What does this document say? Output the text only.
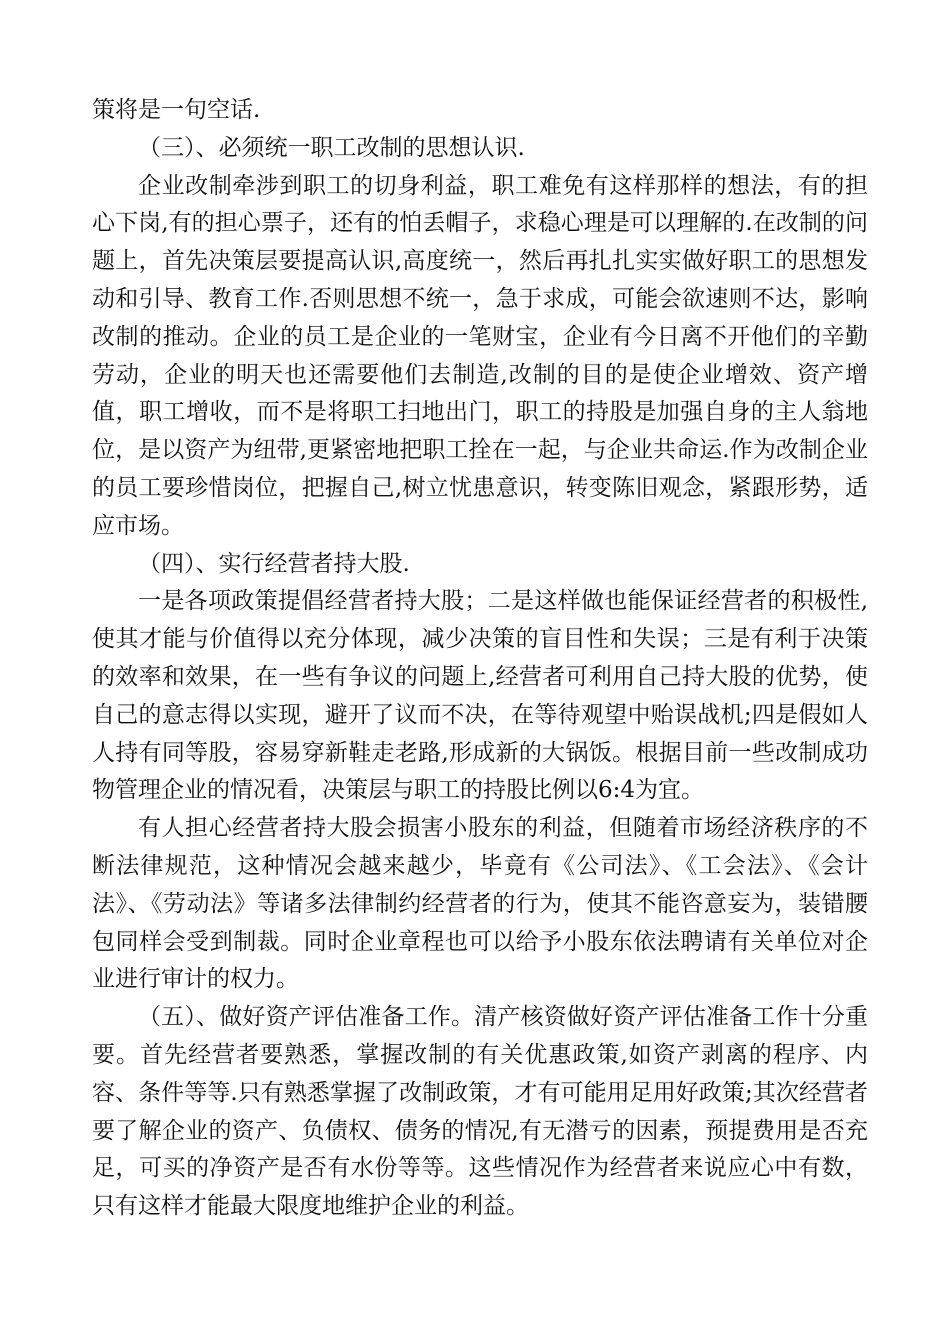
策将是一句空话.

（三）、必须统一职工改制的思想认识.

企业改制牵涉到职工的切身利益，职工难免有这样那样的想法，有的担心下岗,有的担心票子，还有的怕丢帽子，求稳心理是可以理解的.在改制的问题上，首先决策层要提高认识,高度统一，然后再扎扎实实做好职工的思想发动和引导、教育工作.否则思想不统一，急于求成，可能会欲速则不达，影响改制的推动。企业的员工是企业的一笔财宝，企业有今日离不开他们的辛勤劳动，企业的明天也还需要他们去制造,改制的目的是使企业增效、资产增值，职工增收，而不是将职工扫地出门，职工的持股是加强自身的主人翁地位，是以资产为纽带,更紧密地把职工拴在一起，与企业共命运.作为改制企业的员工要珍惜岗位，把握自己,树立忧患意识，转变陈旧观念，紧跟形势，适应市场。

（四）、实行经营者持大股.

一是各项政策提倡经营者持大股；二是这样做也能保证经营者的积极性,使其才能与价值得以充分体现，减少决策的盲目性和失误；三是有利于决策的效率和效果，在一些有争议的问题上,经营者可利用自己持大股的优势，使自己的意志得以实现，避开了议而不决，在等待观望中贻误战机;四是假如人人持有同等股，容易穿新鞋走老路,形成新的大锅饭。根据目前一些改制成功物管理企业的情况看，决策层与职工的持股比例以6:4为宜。

有人担心经营者持大股会损害小股东的利益，但随着市场经济秩序的不断法律规范，这种情况会越来越少，毕竟有《公司法》、《工会法》、《会计法》、《劳动法》等诸多法律制约经营者的行为，使其不能咨意妄为，装错腰包同样会受到制裁。同时企业章程也可以给予小股东依法聘请有关单位对企业进行审计的权力。

（五）、做好资产评估准备工作。清产核资做好资产评估准备工作十分重要。首先经营者要熟悉，掌握改制的有关优惠政策,如资产剥离的程序、内容、条件等等.只有熟悉掌握了改制政策，才有可能用足用好政策;其次经营者要了解企业的资产、负债权、债务的情况,有无潜亏的因素，预提费用是否充足，可买的净资产是否有水份等等。这些情况作为经营者来说应心中有数，只有这样才能最大限度地维护企业的利益。
